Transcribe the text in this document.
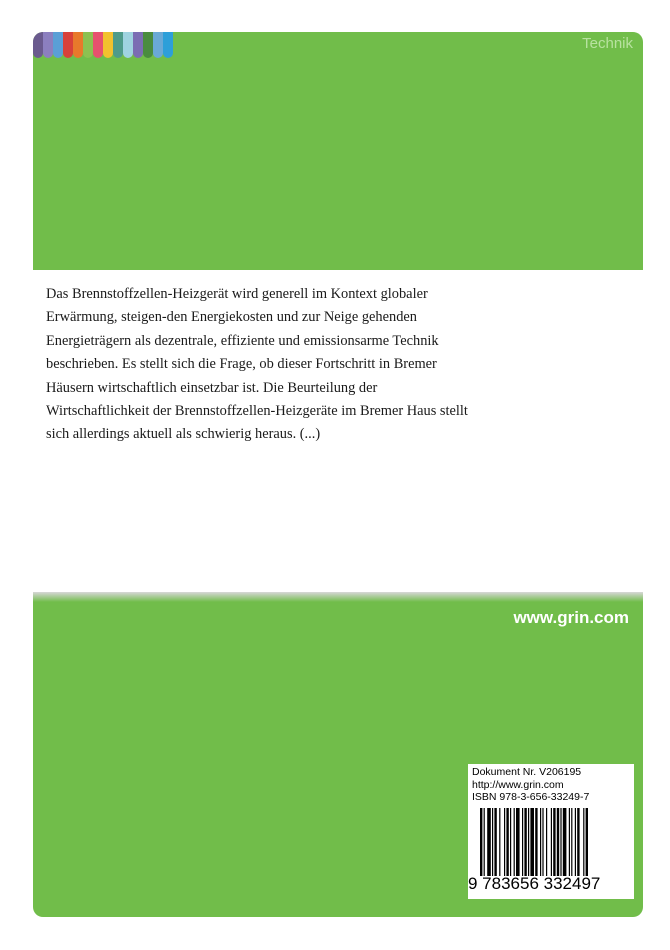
Technik
Das Brennstoffzellen-Heizgerät wird generell im Kontext globaler Erwärmung, steigen-den Energiekosten und zur Neige gehenden Energieträgern als dezentrale, effiziente und emissionsarme Technik beschrieben. Es stellt sich die Frage, ob dieser Fortschritt in Bremer Häusern wirtschaftlich einsetzbar ist. Die Beurteilung der Wirtschaftlichkeit der Brennstoffzellen-Heizgeräte im Bremer Haus stellt sich allerdings aktuell als schwierig heraus. (...)
www.grin.com
Dokument Nr. V206195
http://www.grin.com
ISBN 978-3-656-33249-7
9 783656 332497
